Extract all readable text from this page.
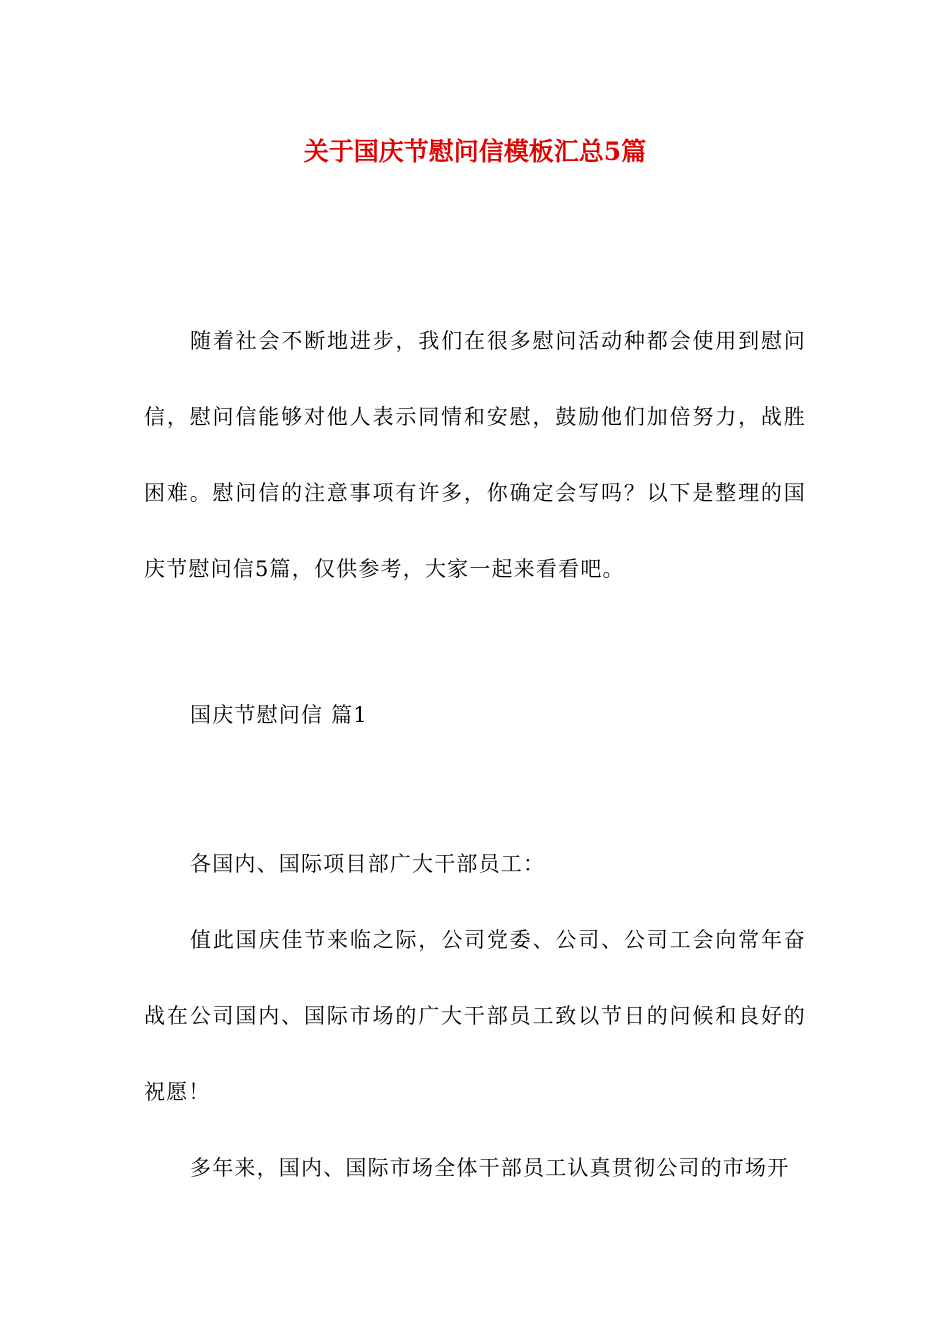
关于国庆节慰问信模板汇总5篇

随着社会不断地进步，我们在很多慰问活动种都会使用到慰问信，慰问信能够对他人表示同情和安慰，鼓励他们加倍努力，战胜困难。慰问信的注意事项有许多，你确定会写吗？以下是整理的国庆节慰问信5篇，仅供参考，大家一起来看看吧。

国庆节慰问信 篇1

各国内、国际项目部广大干部员工：

值此国庆佳节来临之际，公司党委、公司、公司工会向常年奋战在公司国内、国际市场的广大干部员工致以节日的问候和良好的祝愿！

多年来，国内、国际市场全体干部员工认真贯彻公司的市场开
